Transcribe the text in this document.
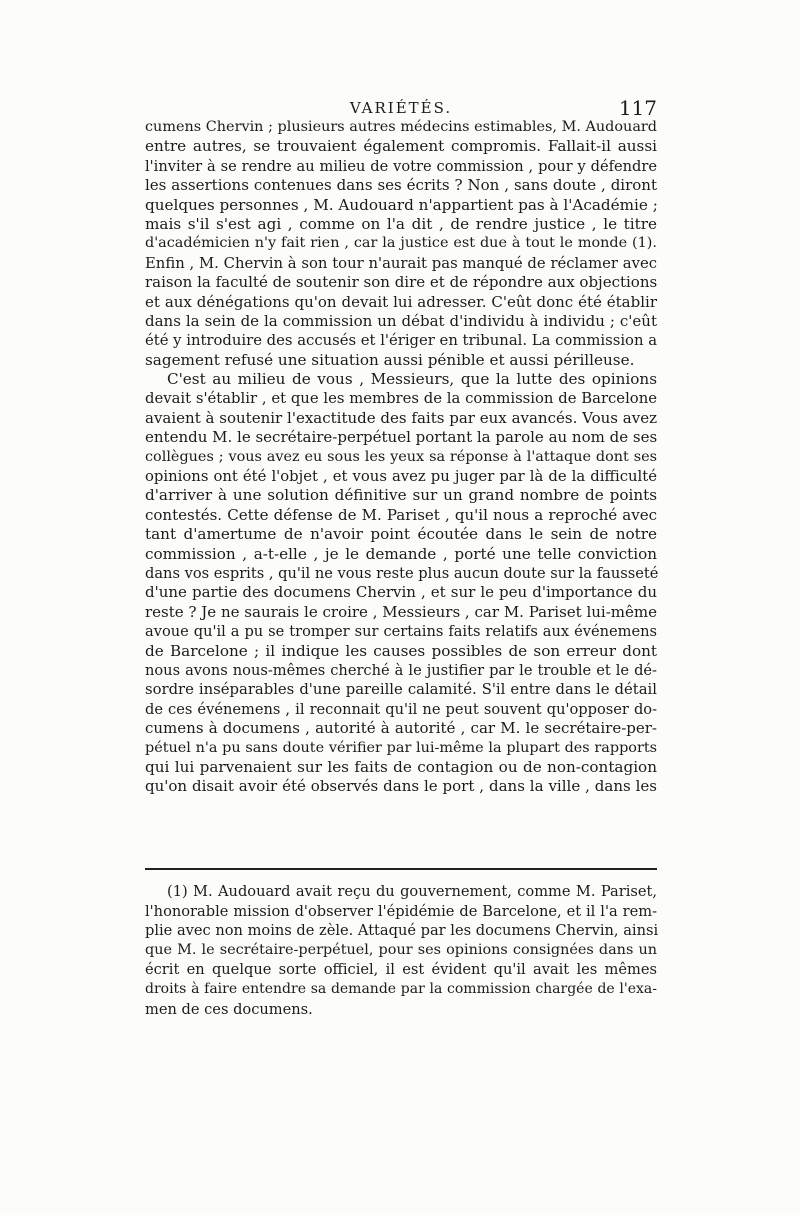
VARIÉTÉS.	117
cumens Chervin ; plusieurs autres médecins estimables, M. Audouard
entre autres, se trouvaient également compromis. Fallait-il aussi
l'inviter à se rendre au milieu de votre commission , pour y défendre
les assertions contenues dans ses écrits ? Non , sans doute , diront
quelques personnes , M. Audouard n'appartient pas à l'Académie ;
mais s'il s'est agi , comme on l'a dit , de rendre justice , le titre
d'académicien n'y fait rien , car la justice est due à tout le monde (1).
Enfin , M. Chervin à son tour n'aurait pas manqué de réclamer avec
raison la faculté de soutenir son dire et de répondre aux objections
et aux dénégations qu'on devait lui adresser. C'eût donc été établir
dans la sein de la commission un débat d'individu à individu ; c'eût
été y introduire des accusés et l'ériger en tribunal. La commission a
sagement refusé une situation aussi pénible et aussi périlleuse.
C'est au milieu de vous , Messieurs, que la lutte des opinions
devait s'établir , et que les membres de la commission de Barcelone
avaient à soutenir l'exactitude des faits par eux avancés. Vous avez
entendu M. le secrétaire-perpétuel portant la parole au nom de ses
collègues ; vous avez eu sous les yeux sa réponse à l'attaque dont ses
opinions ont été l'objet , et vous avez pu juger par là de la difficulté
d'arriver à une solution définitive sur un grand nombre de points
contestés. Cette défense de M. Pariset , qu'il nous a reproché avec
tant d'amertume de n'avoir point écoutée dans le sein de notre
commission , a-t-elle , je le demande , porté une telle conviction
dans vos esprits , qu'il ne vous reste plus aucun doute sur la fausseté
d'une partie des documens Chervin , et sur le peu d'importance du
reste ? Je ne saurais le croire , Messieurs , car M. Pariset lui-même
avoue qu'il a pu se tromper sur certains faits relatifs aux événemens
de Barcelone ; il indique les causes possibles de son erreur dont
nous avons nous-mêmes cherché à le justifier par le trouble et le dé-
sordre inséparables d'une pareille calamité. S'il entre dans le détail
de ces événemens , il reconnait qu'il ne peut souvent qu'opposer do-
cumens à documens , autorité à autorité , car M. le secrétaire-per-
pétuel n'a pu sans doute vérifier par lui-même la plupart des rapports
qui lui parvenaient sur les faits de contagion ou de non-contagion
qu'on disait avoir été observés dans le port , dans la ville , dans les
(1) M. Audouard avait reçu du gouvernement, comme M. Pariset,
l'honorable mission d'observer l'épidémie de Barcelone, et il l'a rem-
plie avec non moins de zèle. Attaqué par les documens Chervin, ainsi
que M. le secrétaire-perpétuel, pour ses opinions consignées dans un
écrit en quelque sorte officiel, il est évident qu'il avait les mêmes
droits à faire entendre sa demande par la commission chargée de l'exa-
men de ces documens.
